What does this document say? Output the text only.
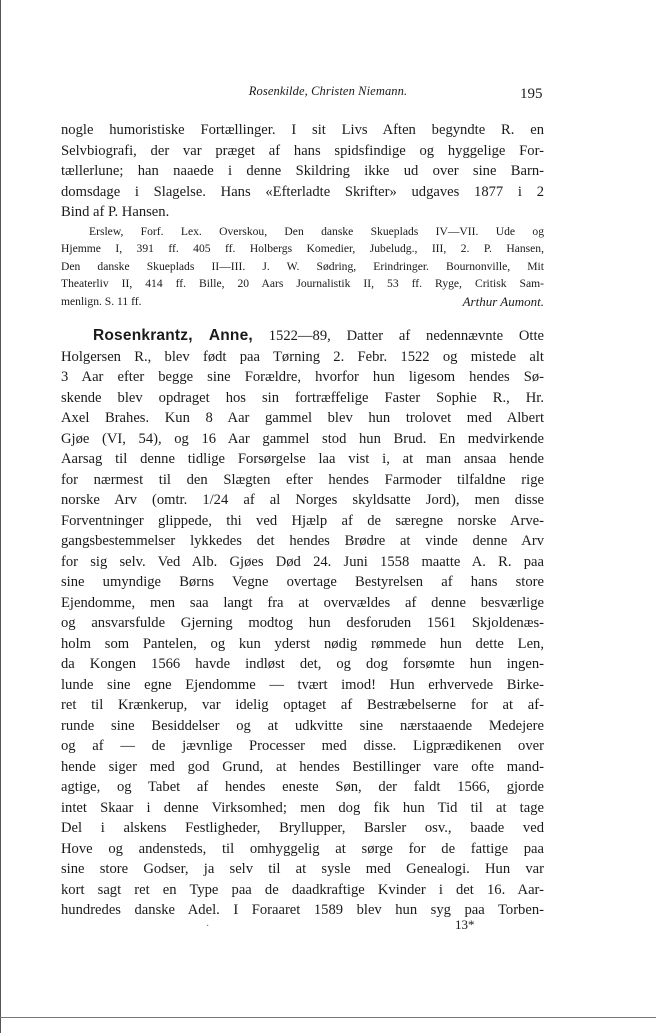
Rosenkilde, Christen Niemann.	195
nogle humoristiske Fortællinger. I sit Livs Aften begyndte R. en
Selvbiografi, der var præget af hans spidsfindige og hyggelige For-
tællerlune; han naaede i denne Skildring ikke ud over sine Barn-
domsdage i Slagelse. Hans «Efterladte Skrifter» udgaves 1877 i 2
Bind af P. Hansen.
Erslew, Forf. Lex. Overskou, Den danske Skueplads IV—VII. Ude og
Hjemme I, 391 ff. 405 ff. Holbergs Komedier, Jubeludg., III, 2. P. Hansen,
Den danske Skueplads II—III. J. W. Sødring, Erindringer. Bournonville, Mit
Theaterliv II, 414 ff. Bille, 20 Aars Journalistik II, 53 ff. Ryge, Critisk Sam-
menlign. S. 11 ff.	Arthur Aumont.
Rosenkrantz, Anne, 1522—89, Datter af nedennævnte Otte
Holgersen R., blev født paa Tørning 2. Febr. 1522 og mistede alt
3 Aar efter begge sine Forældre, hvorfor hun ligesom hendes Sø-
skende blev opdraget hos sin fortræffelige Faster Sophie R., Hr.
Axel Brahes. Kun 8 Aar gammel blev hun trolovet med Albert
Gjøe (VI, 54), og 16 Aar gammel stod hun Brud. En medvirkende
Aarsag til denne tidlige Forsørgelse laa vist i, at man ansaa hende
for nærmest til den Slægten efter hendes Farmoder tilfaldne rige
norske Arv (omtr. 1/24 af al Norges skyldsatte Jord), men disse
Forventninger glippede, thi ved Hjælp af de særegne norske Arve-
gangsbestemmelser lykkedes det hendes Brødre at vinde denne Arv
for sig selv. Ved Alb. Gjøes Død 24. Juni 1558 maatte A. R. paa
sine umyndige Børns Vegne overtage Bestyrelsen af hans store
Ejendomme, men saa langt fra at overvældes af denne besværlige
og ansvarsfulde Gjerning modtog hun desforuden 1561 Skjoldenæs-
holm som Pantelen, og kun yderst nødig rømmede hun dette Len,
da Kongen 1566 havde indløst det, og dog forsømte hun ingen-
lunde sine egne Ejendomme — tvært imod! Hun erhvervede Birke-
ret til Krænkerup, var idelig optaget af Bestræbelserne for at af-
runde sine Besiddelser og at udkvitte sine nærstaaende Medejere
og af — de jævnlige Processer med disse. Ligprædikenen over
hende siger med god Grund, at hendes Bestillinger vare ofte mand-
agtige, og Tabet af hendes eneste Søn, der faldt 1566, gjorde
intet Skaar i denne Virksomhed; men dog fik hun Tid til at tage
Del i alskens Festligheder, Bryllupper, Barsler osv., baade ved
Hove og andensteds, til omhyggelig at sørge for de fattige paa
sine store Godser, ja selv til at sysle med Genealogi. Hun var
kort sagt ret en Type paa de daadkraftige Kvinder i det 16. Aar-
hundredes danske Adel. I Foraaret 1589 blev hun syg paa Torben-
·	13*
